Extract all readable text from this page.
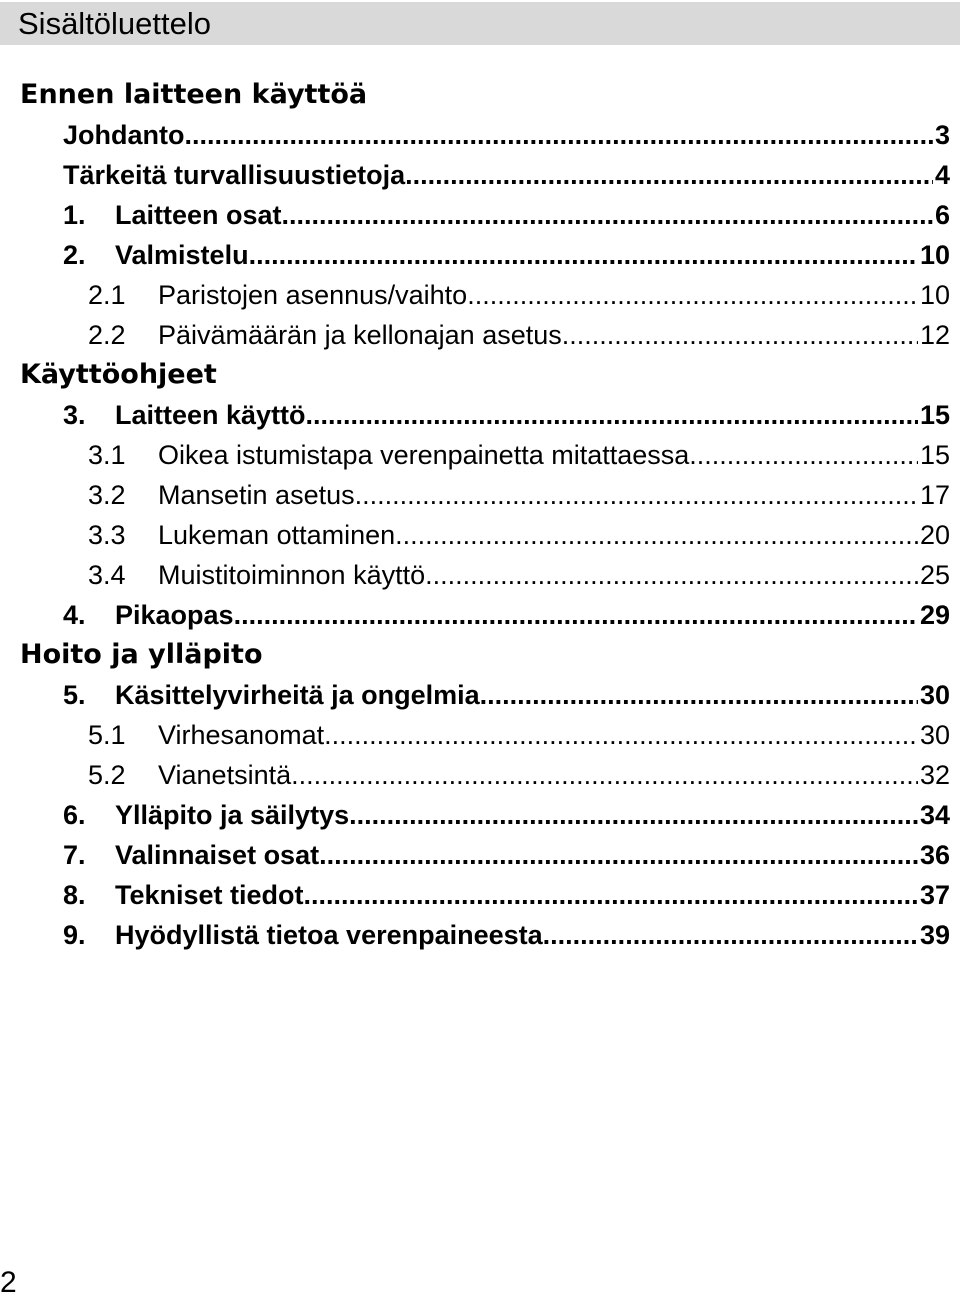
Sisältöluettelo
Ennen laitteen käyttöä
Johdanto .....	3
Tärkeitä turvallisuustietoja .....	4
1.	Laitteen osat .....	6
2.	Valmistelu .....	10
2.1	Paristojen asennus/vaihto .....	10
2.2	Päivämäärän ja kellonajan asetus .....	12
Käyttöohjeet
3.	Laitteen käyttö .....	15
3.1	Oikea istumistapa verenpainetta mitattaessa .....	15
3.2	Mansetin asetus .....	17
3.3	Lukeman ottaminen .....	20
3.4	Muistitoiminnon käyttö .....	25
4.	Pikaopas .....	29
Hoito ja ylläpito
5.	Käsittelyvirheitä ja ongelmia .....	30
5.1	Virhesanomat .....	30
5.2	Vianetsintä .....	32
6.	Ylläpito ja säilytys .....	34
7.	Valinnaiset osat .....	36
8.	Tekniset tiedot .....	37
9.	Hyödyllistä tietoa verenpaineesta .....	39
2
